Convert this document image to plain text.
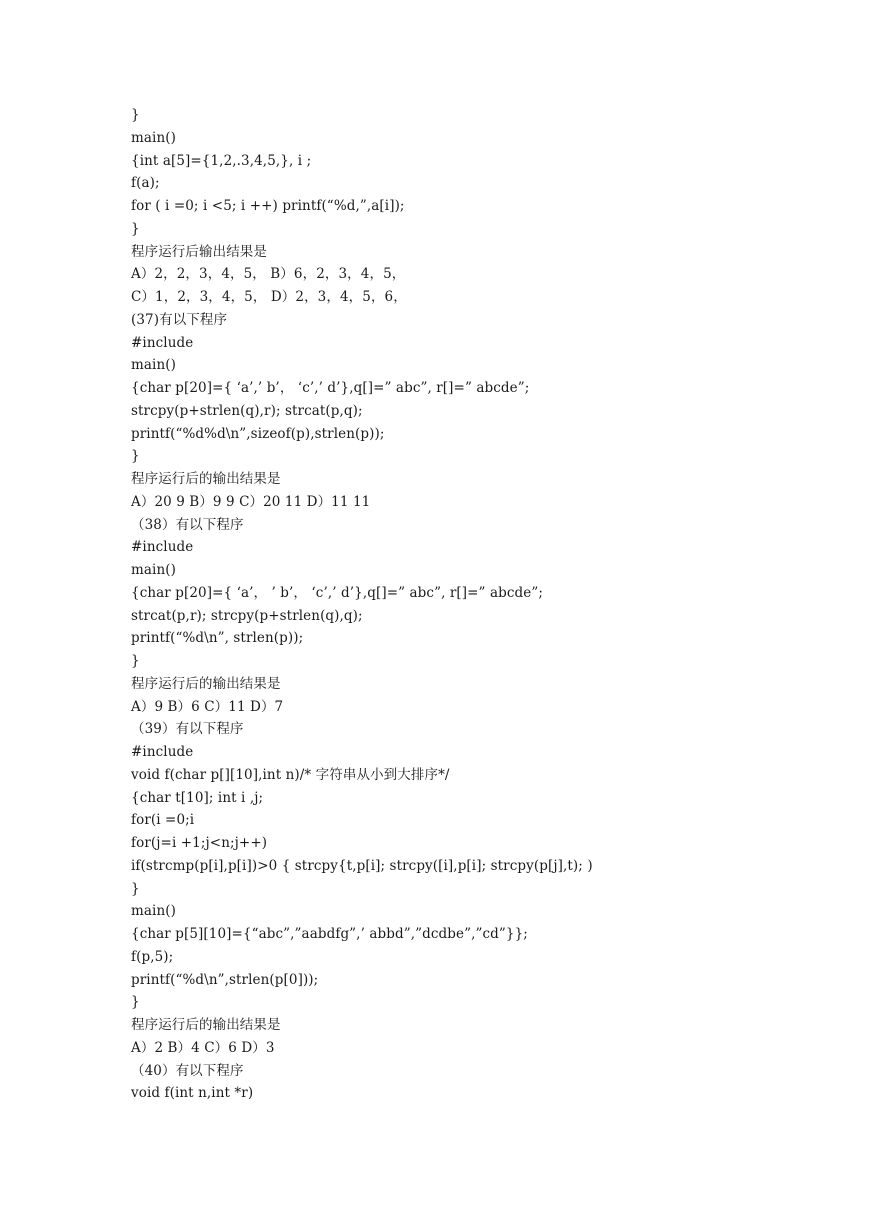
}
main()
{int a[5]={1,2,.3,4,5,}, i ;
f(a);
for ( i =0; i <5; i ++) printf(“%d,”,a[i]);
}
程序运行后输出结果是
A）2，2，3，4，5， B）6，2，3，4，5，
C）1，2，3，4，5， D）2，3，4，5，6，
(37)有以下程序
#include
main()
{char p[20]={ ‘a’,’ b’， ‘c’,’ d’},q[]=” abc”, r[]=” abcde”;
strcpy(p+strlen(q),r); strcat(p,q);
printf(“%d%d\n”,sizeof(p),strlen(p));
}
程序运行后的输出结果是
A）20 9 B）9 9 C）20 11 D）11 11
（38）有以下程序
#include
main()
{char p[20]={ ‘a’， ’ b’， ‘c’,’ d’},q[]=” abc”, r[]=” abcde”;
strcat(p,r); strcpy(p+strlen(q),q);
printf(“%d\n”, strlen(p));
}
程序运行后的输出结果是
A）9 B）6 C）11 D）7
（39）有以下程序
#include
void f(char p[][10],int n)/* 字符串从小到大排序*/
{char t[10]; int i ,j;
for(i =0;i
for(j=i +1;j<n;j++)
if(strcmp(p[i],p[i])>0 { strcpy{t,p[i]; strcpy([i],p[i]; strcpy(p[j],t); )
}
main()
{char p[5][10]={“abc”,”aabdfg”,’ abbd”,”dcdbe”,”cd”}};
f(p,5);
printf(“%d\n”,strlen(p[0]));
}
程序运行后的输出结果是
A）2 B）4 C）6 D）3
（40）有以下程序
void f(int n,int *r)
